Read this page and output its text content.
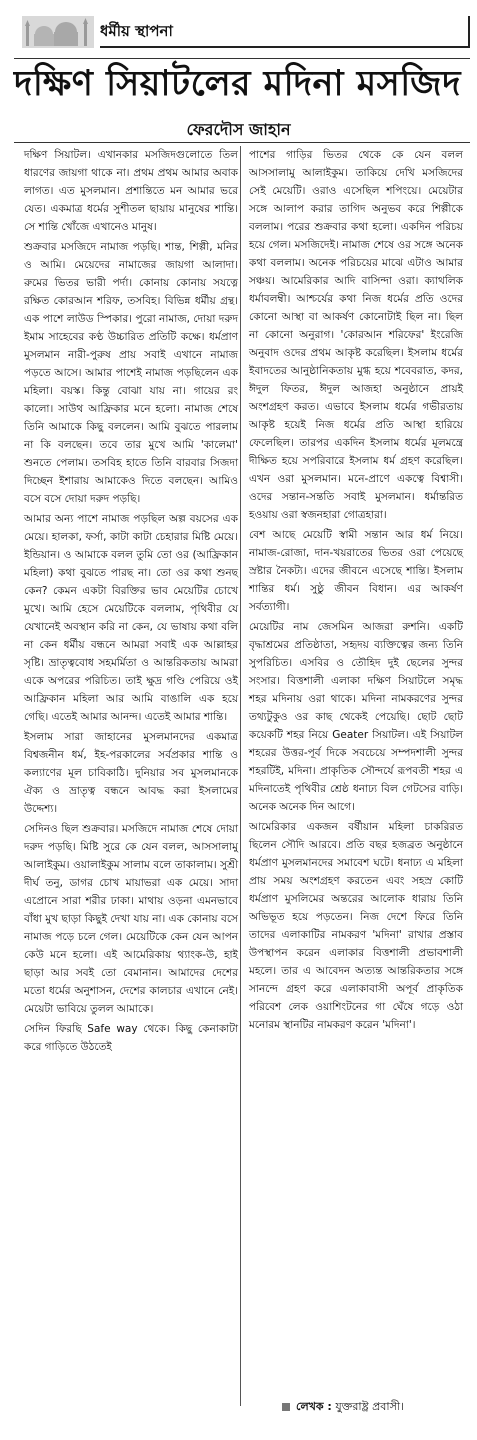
ধর্মীয় স্থাপনা
দক্ষিণ সিয়াটলের মদিনা মসজিদ
ফেরদৌস জাহান

দক্ষিণ সিয়াটল। এখানকার মসজিদগুলোতে তিল ধারণের জায়গা থাকে না। প্রথম প্রথম আমার অবাক লাগত। এত মুসলমান। প্রশান্তিতে মন আমার ভরে যেত। একমাত্র ধর্মের সুশীতল ছায়ায় মানুষের শান্তি। সে শান্তি খোঁজে এখানেও মানুষ।

শুক্রবার মসজিদে নামাজ পড়ছি। শান্ত, শিল্পী, মনির ও আমি। মেয়েদের নামাজের জায়গা আলাদা। রুমের ভিতর ভারী পর্দা। কোনায় কোনায় সযত্নে রক্ষিত কোরআন শরিফ, তসবিহ। বিভিন্ন ধর্মীয় গ্রন্থ। এক পাশে লাউড স্পিকার। পুরো নামাজ, দোয়া দরুদ ইমাম সাহেবের কণ্ঠ উচ্চারিত প্রতিটি কক্ষে। ধর্মপ্রাণ মুসলমান নারী-পুরুষ প্রায় সবাই এখানে নামাজ পড়তে আসে। আমার পাশেই নামাজ পড়ছিলেন এক মহিলা। বয়স্ক। কিন্তু বোঝা যায় না। গায়ের রং কালো। সাউথ আফ্রিকার মনে হলো। নামাজ শেষে তিনি আমাকে কিছু বললেন। আমি বুঝতে পারলাম না কি বলছেন। তবে তার মুখে আমি 'কালেমা' শুনতে পেলাম। তসবিহ হাতে তিনি বারবার সিজদা দিচ্ছেন ইশারায় আমাকেও দিতে বলছেন। আমিও বসে বসে দোয়া দরুদ পড়ছি।

আমার অন্য পাশে নামাজ পড়ছিল অল্প বয়সের এক মেয়ে। হালকা, ফর্সা, কাটা কাটা চেহারার মিষ্টি মেয়ে। ইন্ডিয়ান। ও আমাকে বলল তুমি তো ওর (আফ্রিকান মহিলা) কথা বুঝতে পারছ না। তো ওর কথা শুনছ কেন? কেমন একটা বিরক্তির ভাব মেয়েটির চোখে মুখে। আমি হেসে মেয়েটিকে বললাম, পৃথিবীর যে যেখানেই অবস্থান করি না কেন, যে ভাষায় কথা বলি না কেন ধর্মীয় বন্ধনে আমরা সবাই এক আল্লাহর সৃষ্টি। ভ্রাতৃত্ববোধ সহমর্মিতা ও আন্তরিকতায় আমরা একে অপরের পরিচিত। তাই ক্ষুদ্র গণ্ডি পেরিয়ে ওই আফ্রিকান মহিলা আর আমি বাঙালি এক হয়ে গেছি। এতেই আমার আনন্দ। এতেই আমার শান্তি।

ইসলাম সারা জাহানের মুসলমানদের একমাত্র বিশ্বজনীন ধর্ম, ইহ-পরকালের সর্বপ্রকার শান্তি ও কল্যাণের মূল চাবিকাঠি। দুনিয়ার সব মুসলমানকে ঐক্য ও ভ্রাতৃত্ব বন্ধনে আবদ্ধ করা ইসলামের উদ্দেশ্য।

সেদিনও ছিল শুক্রবার। মসজিদে নামাজ শেষে দোয়া দরুদ পড়ছি। মিষ্টি সুরে কে যেন বলল, আসসালামু আলাইকুম। ওয়ালাইকুম সালাম বলে তাকালাম। সুশ্রী দীর্ঘ তনু, ডাগর চোখ মায়াভরা এক মেয়ে। সাদা এপ্রোনে সারা শরীর ঢাকা। মাথায় ওড়না এমনভাবে বাঁধা মুখ ছাড়া কিছুই দেখা যায় না। এক কোনায় বসে নামাজ পড়ে চলে গেল। মেয়েটিকে কেন যেন আপন কেউ মনে হলো। এই আমেরিকায় থ্যাংক-উ, হাই ছাড়া আর সবই তো বেমানান। আমাদের দেশের মতো ধর্মের অনুশাসন, দেশের কালচার এখানে নেই। মেয়েটা ভাবিয়ে তুলল আমাকে।

সেদিন ফিরছি Safe way থেকে। কিছু কেনাকাটা করে গাড়িতে উঠতেই

পাশের গাড়ির ভিতর থেকে কে যেন বলল আসসালামু আলাইকুম। তাকিয়ে দেখি মসজিদের সেই মেয়েটি। ওরাও এসেছিল শপিংয়ে। মেয়েটার সঙ্গে আলাপ করার তাগিদ অনুভব করে শিল্পীকে বললাম। পরের শুক্রবার কথা হলো। একদিন পরিচয় হয়ে গেল। মসজিদেই। নামাজ শেষে ওর সঙ্গে অনেক কথা বললাম। অনেক পরিচয়ের মাঝে এটাও আমার সঞ্চয়। আমেরিকার আদি বাসিন্দা ওরা। ক্যাথলিক ধর্মাবলম্বী। আশ্চর্যের কথা নিজ ধর্মের প্রতি ওদের কোনো আস্থা বা আকর্ষণ কোনোটাই ছিল না। ছিল না কোনো অনুরাগ। 'কোরআন শরিফের' ইংরেজি অনুবাদ ওদের প্রথম আকৃষ্ট করেছিল। ইসলাম ধর্মের ইবাদতের আনুষ্ঠানিকতায় মুগ্ধ হয়ে শবেবরাত, কদর, ঈদুল ফিতর, ঈদুল আজহা অনুষ্ঠানে প্রায়ই অংশগ্রহণ করত। এভাবে ইসলাম ধর্মের গভীরতায় আকৃষ্ট হয়েই নিজ ধর্মের প্রতি আস্থা হারিয়ে ফেলেছিল। তারপর একদিন ইসলাম ধর্মের মূলমন্ত্রে দীক্ষিত হয়ে সপরিবারে ইসলাম ধর্ম গ্রহণ করেছিল। এখন ওরা মুসলমান। মনে-প্রাণে একত্বে বিশ্বাসী। ওদের সন্তান-সন্ততি সবাই মুসলমান। ধর্মান্তরিত হওয়ায় ওরা স্বজনহারা গোত্রহারা।

বেশ আছে মেয়েটি স্বামী সন্তান আর ধর্ম নিয়ে। নামাজ-রোজা, দান-খয়রাতের ভিতর ওরা পেয়েছে স্রষ্টার নৈকট্য। এদের জীবনে এসেছে শান্তি। ইসলাম শান্তির ধর্ম। সুষ্ঠু জীবন বিধান। এর আকর্ষণ সর্বত্যাগী।

মেয়েটির নাম জেসমিন আজরা রুশনি। একটি বৃদ্ধাশ্রমের প্রতিষ্ঠাতা, সহৃদয় ব্যক্তিত্বের জন্য তিনি সুপরিচিত। এসবির ও তৌহিদ দুই ছেলের সুন্দর সংসার। বিত্তশালী এলাকা দক্ষিণ সিয়াটলে সমৃদ্ধ শহর মদিনায় ওরা থাকে। মদিনা নামকরণের সুন্দর তথ্যটুকুও ওর কাছ থেকেই পেয়েছি। ছোট ছোট কয়েকটি শহর নিয়ে Geater সিয়াটল। এই সিয়াটল শহরের উত্তর-পূর্ব দিকে সবচেয়ে সম্পদশালী সুন্দর শহরটিই, মদিনা। প্রাকৃতিক সৌন্দর্যে রূপবতী শহর এ মদিনাতেই পৃথিবীর শ্রেষ্ঠ ধনাঢ্য বিল গেটসের বাড়ি। অনেক অনেক দিন আগে।

আমেরিকার একজন বর্ষীয়ান মহিলা চাকরিরত ছিলেন সৌদি আরবে। প্রতি বছর হজব্রত অনুষ্ঠানে ধর্মপ্রাণ মুসলমানদের সমাবেশ ঘটে। ধনাঢ্য এ মহিলা প্রায় সময় অংশগ্রহণ করতেন এবং সহস্র কোটি ধর্মপ্রাণ মুসলিমের অন্তরের আলোক ধারায় তিনি অভিভূত হয়ে পড়তেন। নিজ দেশে ফিরে তিনি তাদের এলাকাটির নামকরণ 'মদিনা' রাখার প্রস্তাব উপস্থাপন করেন এলাকার বিত্তশালী প্রভাবশালী মহলে। তার এ আবেদন অত্যন্ত আন্তরিকতার সঙ্গে সানন্দে গ্রহণ করে এলাকাবাসী অপূর্ব প্রাকৃতিক পরিবেশ লেক ওয়াশিংটনের গা ঘেঁষে গড়ে ওঠা মনোরম স্থানটির নামকরণ করেন 'মদিনা'।

লেখক : যুক্তরাষ্ট্র প্রবাসী।
